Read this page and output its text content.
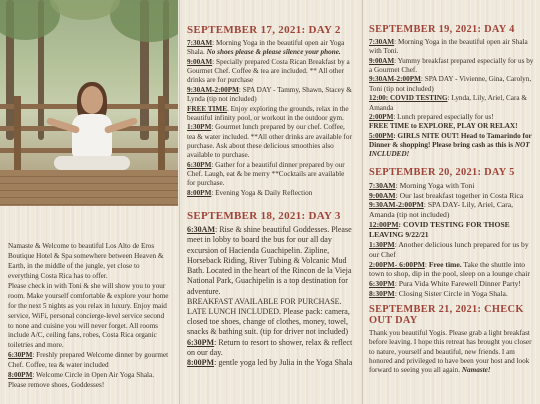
Namaste & Welcome to beautiful Los Alto de Eros Boutique Hotel & Spa somewhere between Heaven & Earth, in the middle of the jungle, yet close to everything Costa Rica has to offer.

Please check in with Toni & she will show you to your room. Make yourself comfortable & explore your home for the next 5 nights as you relax in luxury. Enjoy maid service, WiFi, personal concierge-level service second to none and cuisine you will never forget. All rooms include A/C, ceiling fans, robes, Costa Rica organic toiletries and more.

6:30PM: Freshly prepared Welcome dinner by gourmet Chef. Coffee, tea & water included

8:00PM: Welcome Circle in Open Air Yoga Shala. Please remove shoes, Goddesses!

SEPTEMBER 17, 2021: DAY 2
7:30AM: Morning Yoga in the beautiful open air Yoga Shala. No shoes please & please silence your phone.
9:00AM: Specially prepared Costa Rican Breakfast by a Gourmet Chef. Coffee & tea are included. ** All other drinks are for purchase
9:30AM-2:00PM: SPA DAY - Tammy, Shawn, Stacey & Lynda (tip not included)
FREE TIME. Enjoy exploring the grounds, relax in the beautiful infinity pool, or workout in the outdoor gym.
1:30PM: Gourmet lunch prepared by our chef. Coffee, tea & water included. **All other drinks are available for purchase. Ask about these delicious smoothies also available to purchase.
6:30PM: Gather for a beautiful dinner prepared by our Chef. Laugh, eat & be merry **Cocktails are available for purchase.
8:00PM: Evening Yoga & Daily Reflection
SEPTEMBER 18, 2021: DAY 3
6:30AM: Rise & shine beautiful Goddesses. Please meet in lobby to board the bus for our all day excursion of Hacienda Guachipelin. Zipline, Horseback Riding, River Tubing & Volcanic Mud Bath. Located in the heart of the Rincon de la Vieja National Park, Guachipelin is a top destination for adventure.
BREAKFAST AVAILABLE FOR PURCHASE. LATE LUNCH INCLUDED. Please pack: camera, closed toe shoes, change of clothes, money, towel, snacks & bathing suit. (tip for driver not included)
6:30PM: Return to resort to shower, relax & reflect on our day.
8:00PM: gentle yoga led by Julia in the Yoga Shala
SEPTEMBER 19, 2021: DAY 4
7:30AM: Morning Yoga in the beautiful open air Shala with Toni.
9:00AM: Yummy breakfast prepared especially for us by a Gourmet Chef.
9:30AM-2:00PM: SPA DAY - Vivienne, Gina, Carolyn, Toni (tip not included)
12:00: COVID TESTING: Lynda, Lily, Ariel, Cara & Amanda
2:00PM: Lunch prepared especially for us!
FREE TIME to EXPLORE, PLAY OR RELAX!
5:00PM: GIRLS NITE OUT! Head to Tamarindo for Dinner & shopping! Please bring cash as this is NOT INCLUDED!
SEPTEMBER 20, 2021: DAY 5
7:30AM: Morning Yoga with Toni
9:00AM: Our last breakfast together in Costa Rica
9:30AM-2:00PM: SPA DAY- Lily, Ariel, Cara, Amanda (tip not included)
12:00PM: COVID TESTING FOR THOSE LEAVING 9/22/21
1:30PM: Another delicious lunch prepared for us by our Chef
2:00PM- 6:00PM: Free time. Take the shuttle into town to shop, dip in the pool, sleep on a lounge chair
6:30PM: Pura Vida White Farewell Dinner Party!
8:30PM: Closing Sister Circle in Yoga Shala.
SEPTEMBER 21, 2021: CHECK OUT DAY
Thank you beautiful Yogis. Please grab a light breakfast before leaving. I hope this retreat has brought you closer to nature, yourself and beautiful, new friends. I am honored and privileged to have been your host and look forward to seeing you all again. Namaste!
